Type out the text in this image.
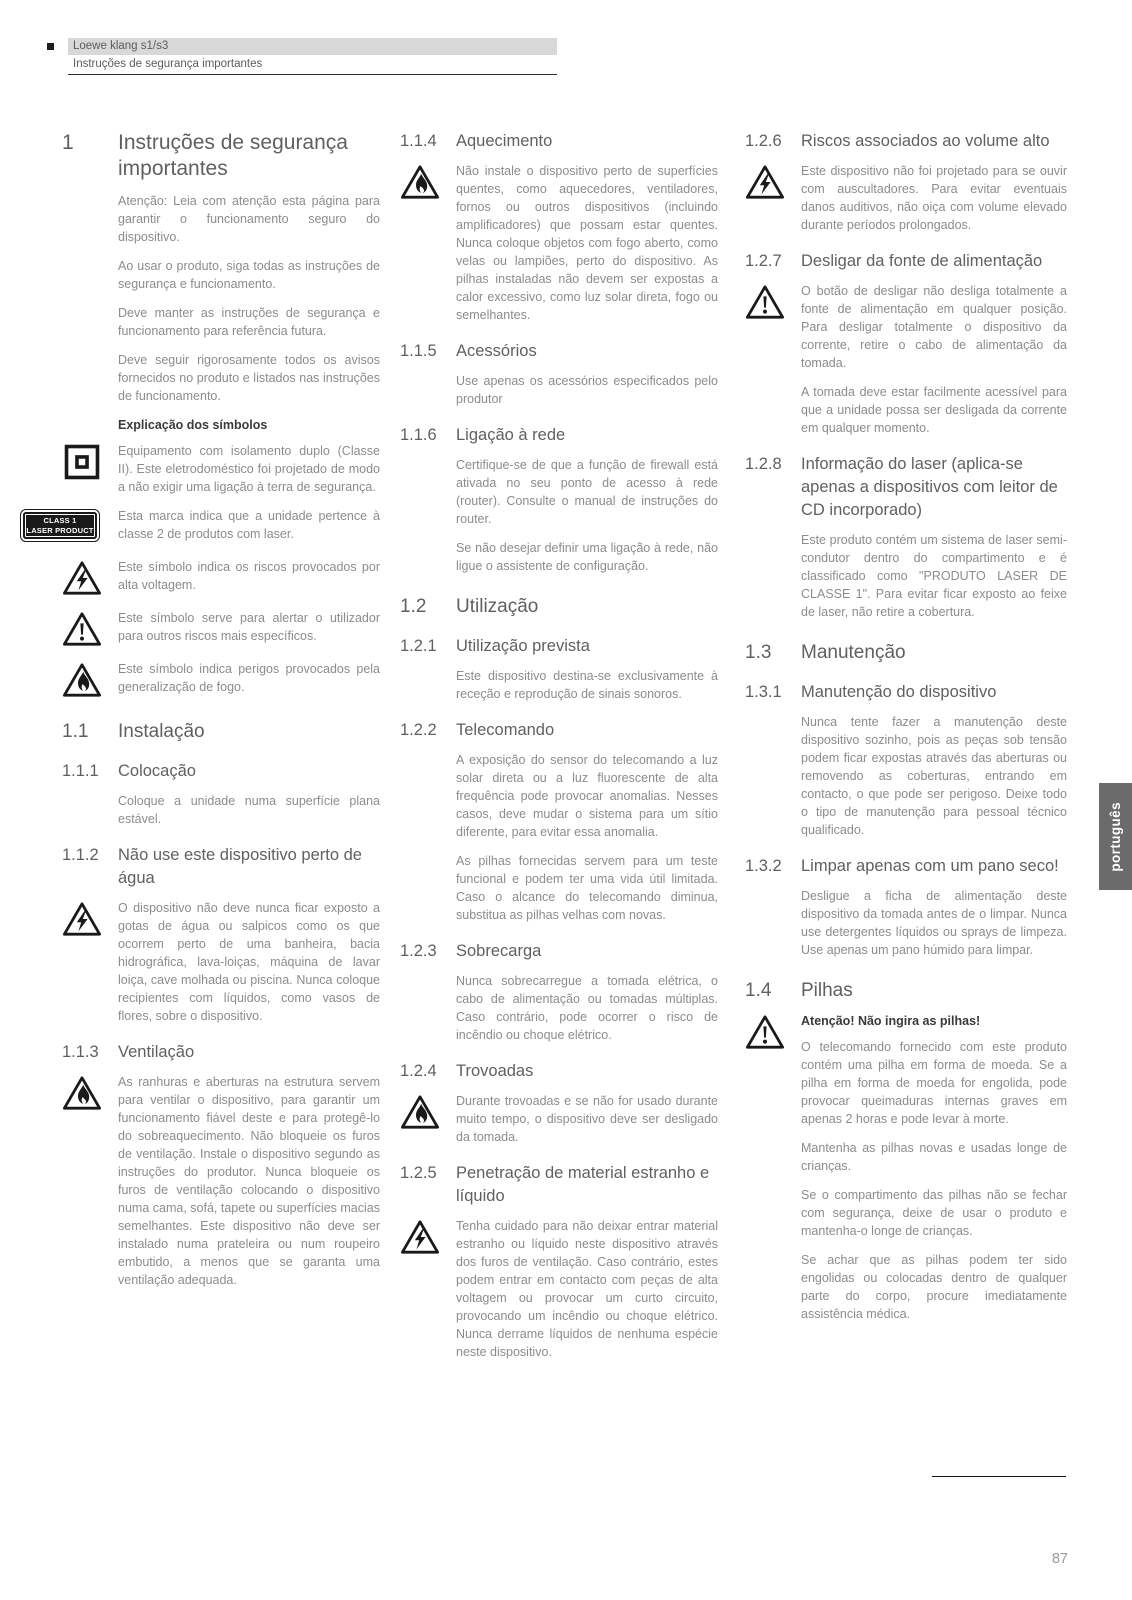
Loewe klang s1/s3
Instruções de segurança importantes
1 Instruções de segurança importantes
Atenção: Leia com atenção esta página para garantir o funcionamento seguro do dispositivo.
Ao usar o produto, siga todas as instruções de segurança e funcionamento.
Deve manter as instruções de segurança e funcionamento para referência futura.
Deve seguir rigorosamente todos os avisos fornecidos no produto e listados nas instruções de funcionamento.
Explicação dos símbolos
Equipamento com isolamento duplo (Classe II). Este eletrodoméstico foi projetado de modo a não exigir uma ligação à terra de segurança.
CLASS 1
LASER PRODUCT
Esta marca indica que a unidade pertence à classe 2 de produtos com laser.
Este símbolo indica os riscos provocados por alta voltagem.
Este símbolo serve para alertar o utilizador para outros riscos mais específicos.
Este símbolo indica perigos provocados pela generalização de fogo.
1.1 Instalação
1.1.1 Colocação
Coloque a unidade numa superfície plana estável.
1.1.2 Não use este dispositivo perto de água
O dispositivo não deve nunca ficar exposto a gotas de água ou salpicos como os que ocorrem perto de uma banheira, bacia hidrográfica, lava-loiças, máquina de lavar loiça, cave molhada ou piscina. Nunca coloque recipientes com líquidos, como vasos de flores, sobre o dispositivo.
1.1.3 Ventilação
As ranhuras e aberturas na estrutura servem para ventilar o dispositivo, para garantir um funcionamento fiável deste e para protegê-lo do sobreaquecimento. Não bloqueie os furos de ventilação. Instale o dispositivo segundo as instruções do produtor. Nunca bloqueie os furos de ventilação colocando o dispositivo numa cama, sofá, tapete ou superfícies macias semelhantes. Este dispositivo não deve ser instalado numa prateleira ou num roupeiro embutido, a menos que se garanta uma ventilação adequada.
1.1.4 Aquecimento
Não instale o dispositivo perto de superfícies quentes, como aquecedores, ventiladores, fornos ou outros dispositivos (incluindo amplificadores) que possam estar quentes. Nunca coloque objetos com fogo aberto, como velas ou lampiões, perto do dispositivo. As pilhas instaladas não devem ser expostas a calor excessivo, como luz solar direta, fogo ou semelhantes.
1.1.5 Acessórios
Use apenas os acessórios especificados pelo produtor
1.1.6 Ligação à rede
Certifique-se de que a função de firewall está ativada no seu ponto de acesso à rede (router). Consulte o manual de instruções do router.
Se não desejar definir uma ligação à rede, não ligue o assistente de configuração.
1.2 Utilização
1.2.1 Utilização prevista
Este dispositivo destina-se exclusivamente à receção e reprodução de sinais sonoros.
1.2.2 Telecomando
A exposição do sensor do telecomando a luz solar direta ou a luz fluorescente de alta frequência pode provocar anomalias. Nesses casos, deve mudar o sistema para um sítio diferente, para evitar essa anomalia.
As pilhas fornecidas servem para um teste funcional e podem ter uma vida útil limitada. Caso o alcance do telecomando diminua, substitua as pilhas velhas com novas.
1.2.3 Sobrecarga
Nunca sobrecarregue a tomada elétrica, o cabo de alimentação ou tomadas múltiplas. Caso contrário, pode ocorrer o risco de incêndio ou choque elétrico.
1.2.4 Trovoadas
Durante trovoadas e se não for usado durante muito tempo, o dispositivo deve ser desligado da tomada.
1.2.5 Penetração de material estranho e líquido
Tenha cuidado para não deixar entrar material estranho ou líquido neste dispositivo através dos furos de ventilação. Caso contrário, estes podem entrar em contacto com peças de alta voltagem ou provocar um curto circuito, provocando um incêndio ou choque elétrico. Nunca derrame líquidos de nenhuma espécie neste dispositivo.
1.2.6 Riscos associados ao volume alto
Este dispositivo não foi projetado para se ouvir com auscultadores. Para evitar eventuais danos auditivos, não oiça com volume elevado durante períodos prolongados.
1.2.7 Desligar da fonte de alimentação
O botão de desligar não desliga totalmente a fonte de alimentação em qualquer posição. Para desligar totalmente o dispositivo da corrente, retire o cabo de alimentação da tomada.
A tomada deve estar facilmente acessível para que a unidade possa ser desligada da corrente em qualquer momento.
1.2.8 Informação do laser (aplica-se apenas a dispositivos com leitor de CD incorporado)
Este produto contém um sistema de laser semi-condutor dentro do compartimento e é classificado como "PRODUTO LASER DE CLASSE 1". Para evitar ficar exposto ao feixe de laser, não retire a cobertura.
1.3 Manutenção
1.3.1 Manutenção do dispositivo
Nunca tente fazer a manutenção deste dispositivo sozinho, pois as peças sob tensão podem ficar expostas através das aberturas ou removendo as coberturas, entrando em contacto, o que pode ser perigoso. Deixe todo o tipo de manutenção para pessoal técnico qualificado.
1.3.2 Limpar apenas com um pano seco!
Desligue a ficha de alimentação deste dispositivo da tomada antes de o limpar. Nunca use detergentes líquidos ou sprays de limpeza. Use apenas um pano húmido para limpar.
1.4 Pilhas
Atenção! Não ingira as pilhas!
O telecomando fornecido com este produto contém uma pilha em forma de moeda. Se a pilha em forma de moeda for engolida, pode provocar queimaduras internas graves em apenas 2 horas e pode levar à morte.
Mantenha as pilhas novas e usadas longe de crianças.
Se o compartimento das pilhas não se fechar com segurança, deixe de usar o produto e mantenha-o longe de crianças.
Se achar que as pilhas podem ter sido engolidas ou colocadas dentro de qualquer parte do corpo, procure imediatamente assistência médica.
português
87
